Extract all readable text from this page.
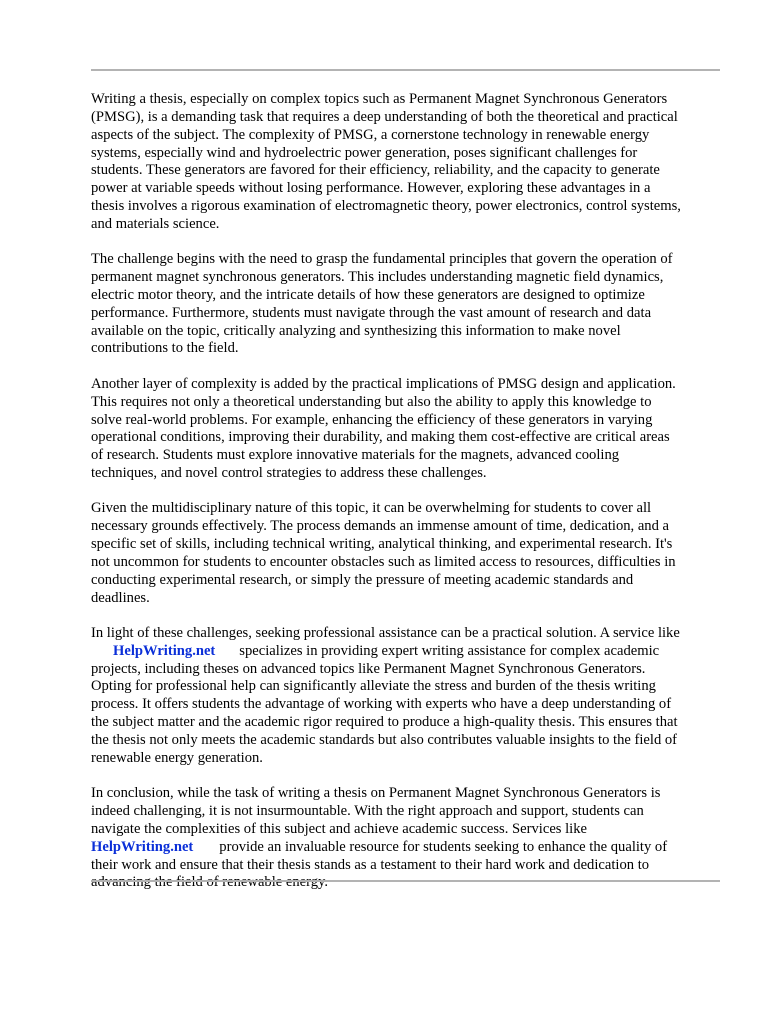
Writing a thesis, especially on complex topics such as Permanent Magnet Synchronous Generators
(PMSG), is a demanding task that requires a deep understanding of both the theoretical and practical
aspects of the subject. The complexity of PMSG, a cornerstone technology in renewable energy
systems, especially wind and hydroelectric power generation, poses significant challenges for
students. These generators are favored for their efficiency, reliability, and the capacity to generate
power at variable speeds without losing performance. However, exploring these advantages in a
thesis involves a rigorous examination of electromagnetic theory, power electronics, control systems,
and materials science.

The challenge begins with the need to grasp the fundamental principles that govern the operation of
permanent magnet synchronous generators. This includes understanding magnetic field dynamics,
electric motor theory, and the intricate details of how these generators are designed to optimize
performance. Furthermore, students must navigate through the vast amount of research and data
available on the topic, critically analyzing and synthesizing this information to make novel
contributions to the field.

Another layer of complexity is added by the practical implications of PMSG design and application.
This requires not only a theoretical understanding but also the ability to apply this knowledge to
solve real-world problems. For example, enhancing the efficiency of these generators in varying
operational conditions, improving their durability, and making them cost-effective are critical areas
of research. Students must explore innovative materials for the magnets, advanced cooling
techniques, and novel control strategies to address these challenges.

Given the multidisciplinary nature of this topic, it can be overwhelming for students to cover all
necessary grounds effectively. The process demands an immense amount of time, dedication, and a
specific set of skills, including technical writing, analytical thinking, and experimental research. It's
not uncommon for students to encounter obstacles such as limited access to resources, difficulties in
conducting experimental research, or simply the pressure of meeting academic standards and
deadlines.

In light of these challenges, seeking professional assistance can be a practical solution. A service like
HelpWriting.net specializes in providing expert writing assistance for complex academic
projects, including theses on advanced topics like Permanent Magnet Synchronous Generators.
Opting for professional help can significantly alleviate the stress and burden of the thesis writing
process. It offers students the advantage of working with experts who have a deep understanding of
the subject matter and the academic rigor required to produce a high-quality thesis. This ensures that
the thesis not only meets the academic standards but also contributes valuable insights to the field of
renewable energy generation.

In conclusion, while the task of writing a thesis on Permanent Magnet Synchronous Generators is
indeed challenging, it is not insurmountable. With the right approach and support, students can
navigate the complexities of this subject and achieve academic success. Services like
HelpWriting.net provide an invaluable resource for students seeking to enhance the quality of
their work and ensure that their thesis stands as a testament to their hard work and dedication to
advancing the field of renewable energy.
